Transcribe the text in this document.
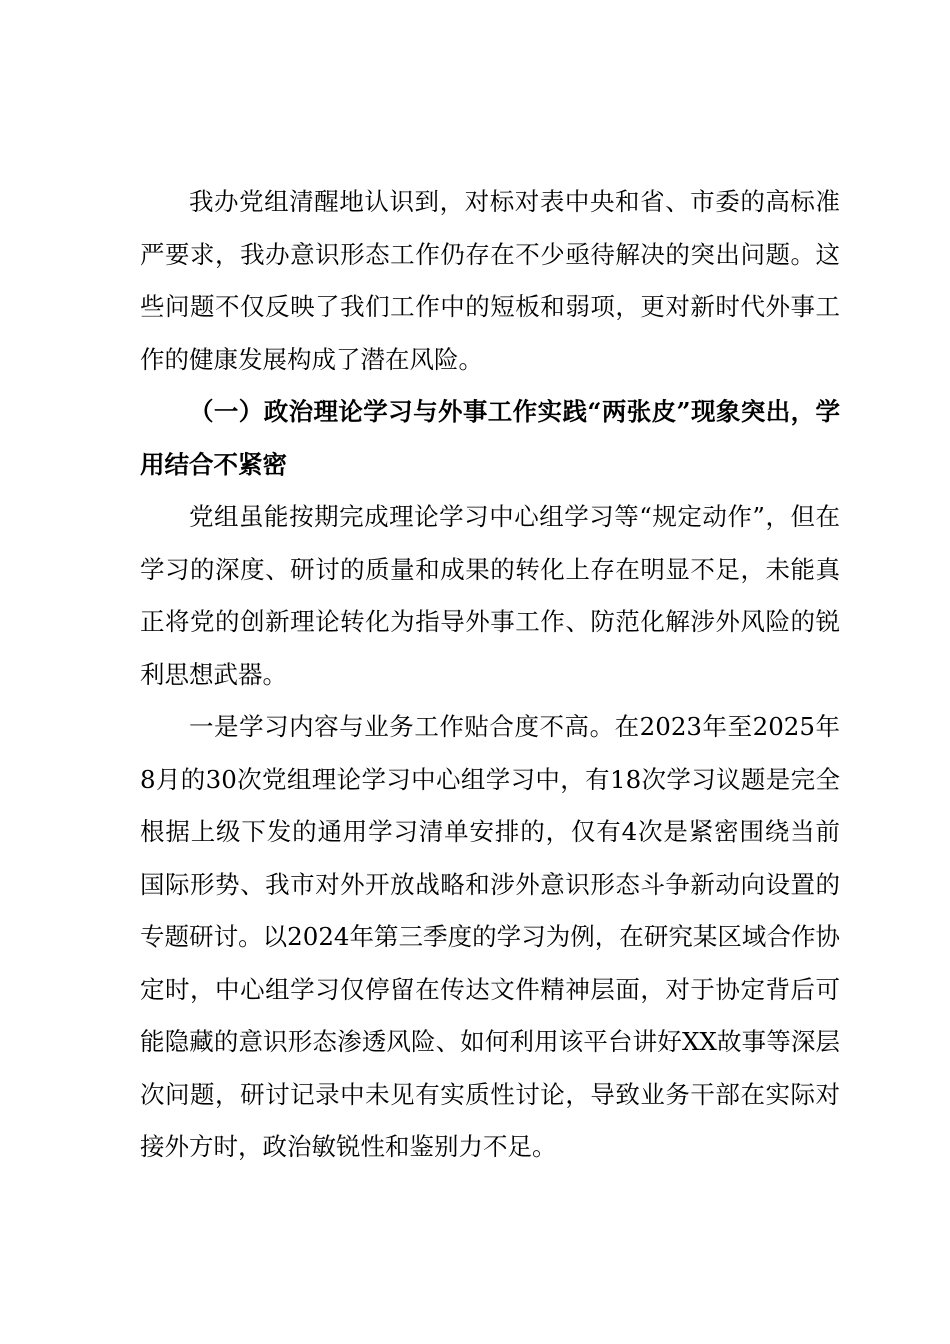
我办党组清醒地认识到，对标对表中央和省、市委的高标准严要求，我办意识形态工作仍存在不少亟待解决的突出问题。这些问题不仅反映了我们工作中的短板和弱项，更对新时代外事工作的健康发展构成了潜在风险。

（一）政治理论学习与外事工作实践“两张皮”现象突出，学用结合不紧密

党组虽能按期完成理论学习中心组学习等“规定动作”，但在学习的深度、研讨的质量和成果的转化上存在明显不足，未能真正将党的创新理论转化为指导外事工作、防范化解涉外风险的锐利思想武器。

一是学习内容与业务工作贴合度不高。在2023年至2025年8月的30次党组理论学习中心组学习中，有18次学习议题是完全根据上级下发的通用学习清单安排的，仅有4次是紧密围绕当前国际形势、我市对外开放战略和涉外意识形态斗争新动向设置的专题研讨。以2024年第三季度的学习为例，在研究某区域合作协定时，中心组学习仅停留在传达文件精神层面，对于协定背后可能隐藏的意识形态渗透风险、如何利用该平台讲好XX故事等深层次问题，研讨记录中未见有实质性讨论，导致业务干部在实际对接外方时，政治敏锐性和鉴别力不足。
